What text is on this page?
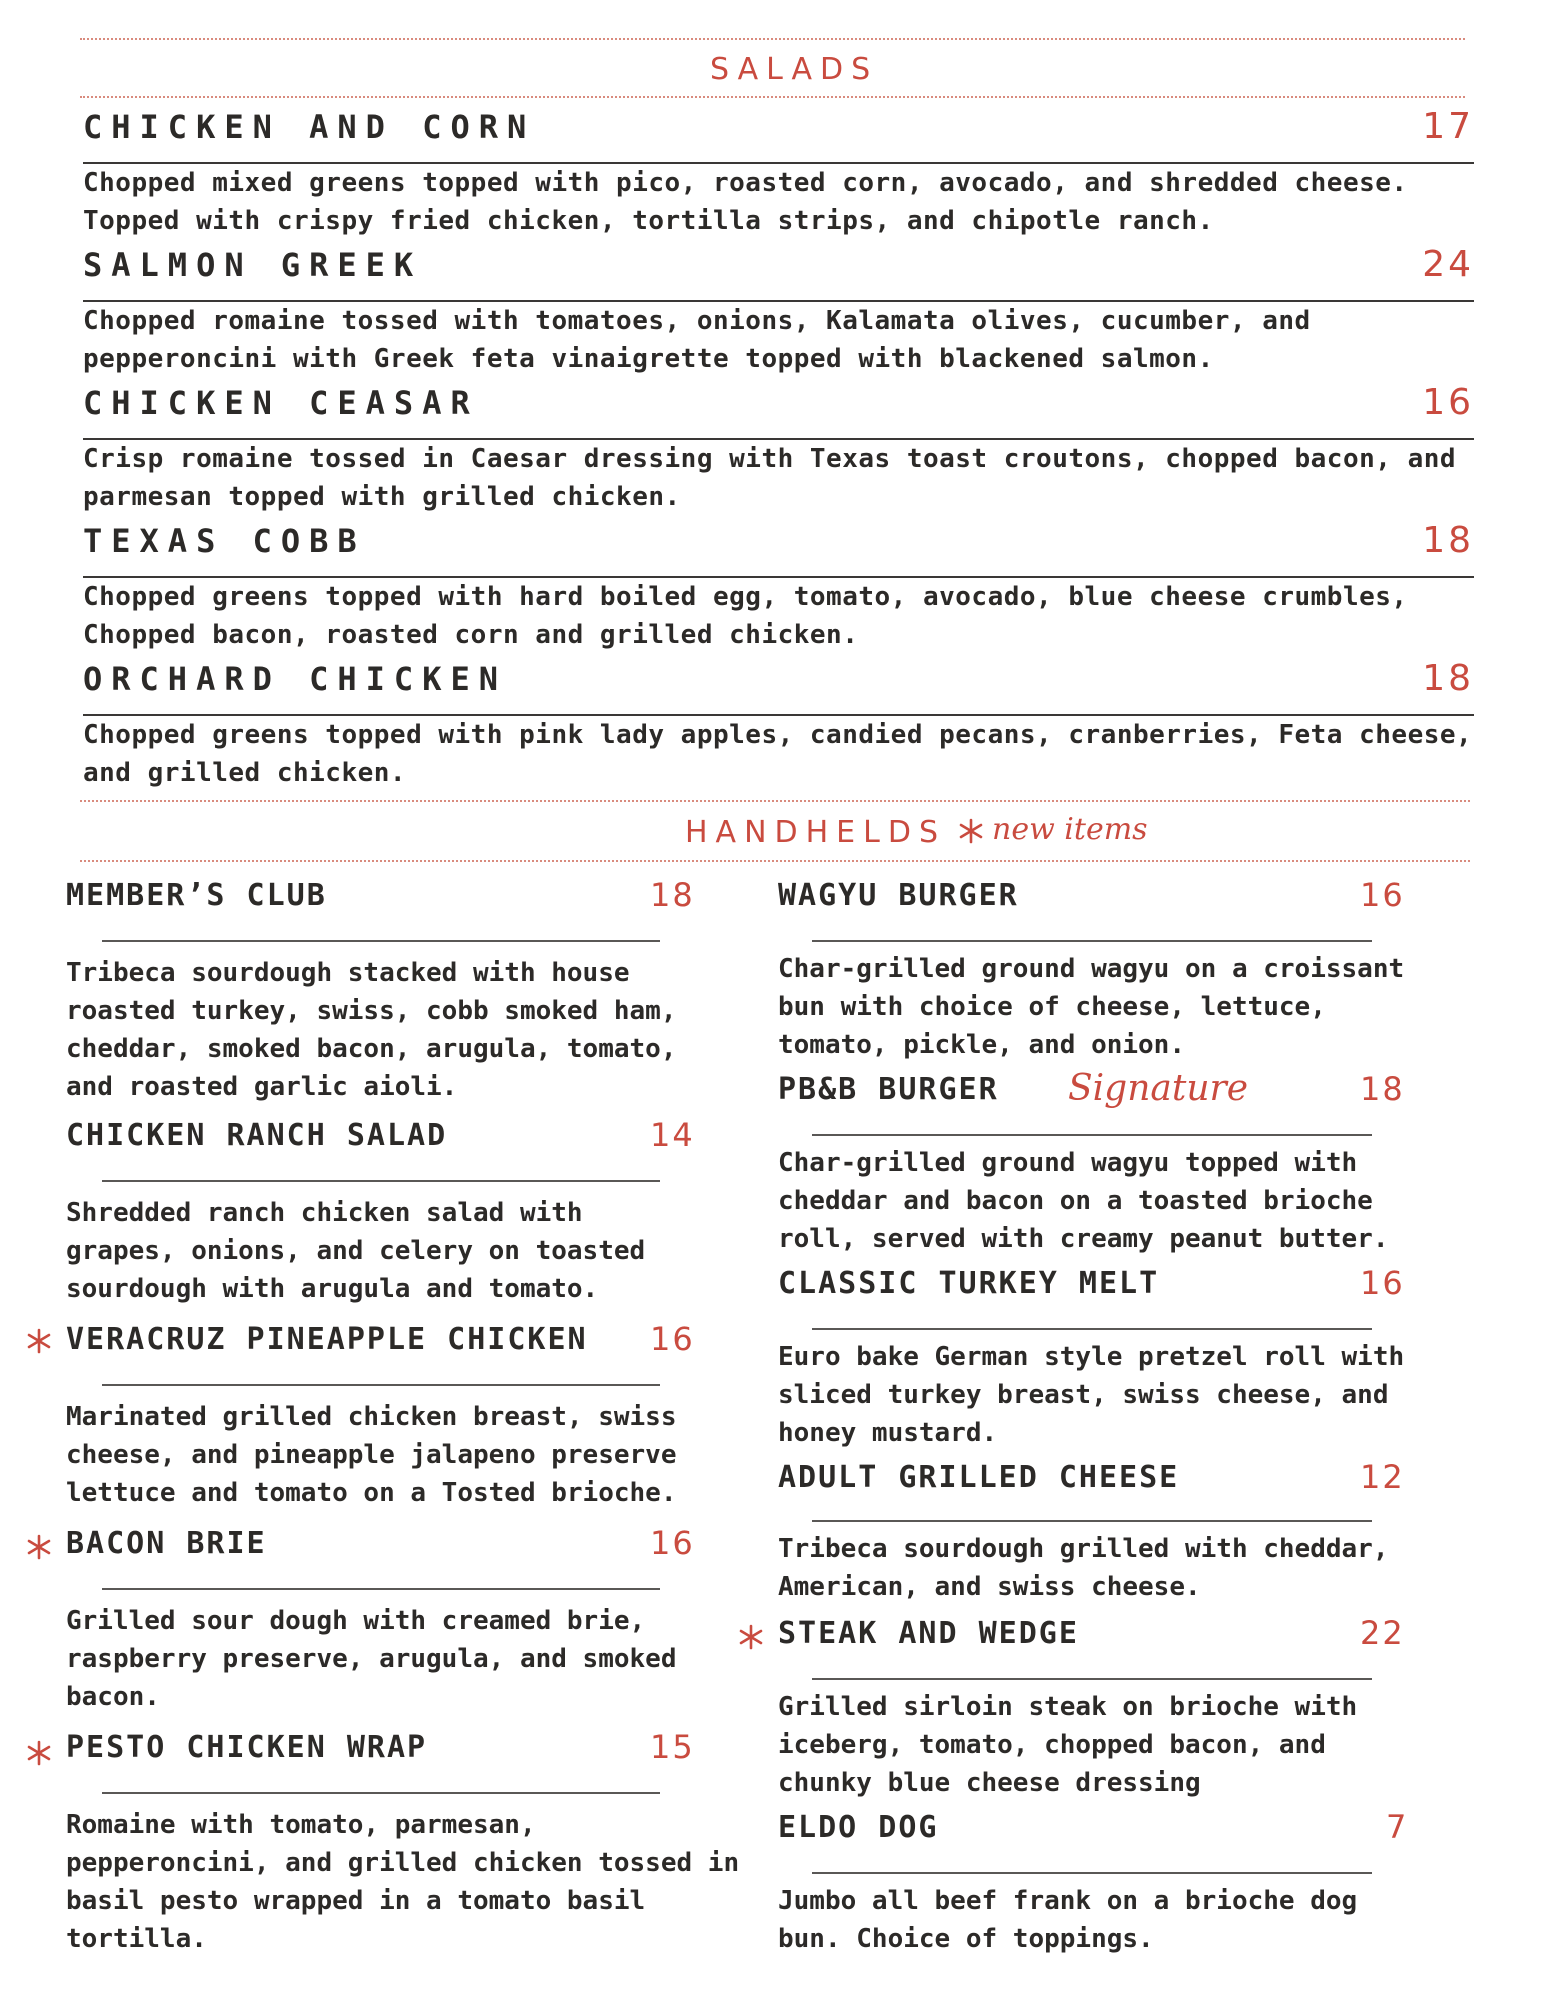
SALADS
CHICKEN AND CORN	17
Chopped mixed greens topped with pico, roasted corn, avocado, and shredded cheese. Topped with crispy fried chicken, tortilla strips, and chipotle ranch.
SALMON GREEK	24
Chopped romaine tossed with tomatoes, onions, Kalamata olives, cucumber, and pepperoncini with Greek feta vinaigrette topped with blackened salmon.
CHICKEN CEASAR	16
Crisp romaine tossed in Caesar dressing with Texas toast croutons, chopped bacon, and parmesan topped with grilled chicken.
TEXAS COBB	18
Chopped greens topped with hard boiled egg, tomato, avocado, blue cheese crumbles, Chopped bacon, roasted corn and grilled chicken.
ORCHARD CHICKEN	18
Chopped greens topped with pink lady apples, candied pecans, cranberries, Feta cheese, and grilled chicken.
HANDHELDS new items
MEMBER’S CLUB	18
Tribeca sourdough stacked with house roasted turkey, swiss, cobb smoked ham, cheddar, smoked bacon, arugula, tomato, and roasted garlic aioli.
CHICKEN RANCH SALAD	14
Shredded ranch chicken salad with grapes, onions, and celery on toasted sourdough with arugula and tomato.
VERACRUZ PINEAPPLE CHICKEN 16
Marinated grilled chicken breast, swiss cheese, and pineapple jalapeno preserve lettuce and tomato on a Tosted brioche.
BACON BRIE	16
Grilled sour dough with creamed brie, raspberry preserve, arugula, and smoked bacon.
PESTO CHICKEN WRAP	15
Romaine with tomato, parmesan, pepperoncini, and grilled chicken tossed in basil pesto wrapped in a tomato basil tortilla.
WAGYU BURGER	16
Char-grilled ground wagyu on a croissant bun with choice of cheese, lettuce, tomato, pickle, and onion.
PB&B BURGER Signature	18
Char-grilled ground wagyu topped with cheddar and bacon on a toasted brioche roll, served with creamy peanut butter.
CLASSIC TURKEY MELT	16
Euro bake German style pretzel roll with sliced turkey breast, swiss cheese, and honey mustard.
ADULT GRILLED CHEESE	12
Tribeca sourdough grilled with cheddar, American, and swiss cheese.
STEAK AND WEDGE	22
Grilled sirloin steak on brioche with iceberg, tomato, chopped bacon, and chunky blue cheese dressing
ELDO DOG	7
Jumbo all beef frank on a brioche dog bun. Choice of toppings.
